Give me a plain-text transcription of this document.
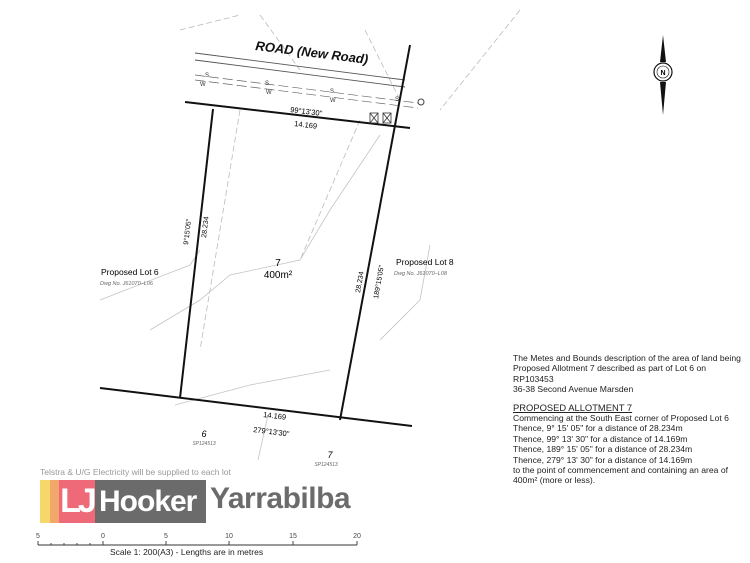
S
S
S
S
W
W
W
ROAD (New Road)
99°13'30"
14.169
9°15'05" 28.234
28.234 189°15'05"
14.169
279°13'30"
7
400m²
Proposed Lot 6
Dwg No. J61070–L06
Proposed Lot 8
Dwg No. J61070–L08
6
SP124513
7
SP124513
N
5	0	5	10	15	20
The Metes and Bounds description of the area of land being Proposed Allotment 7 described as part of Lot 6 on RP103453
36-38 Second Avenue Marsden
PROPOSED ALLOTMENT 7
Commencing at the South East corner of Proposed Lot 6
Thence, 9° 15' 05" for a distance of 28.234m
Thence, 99° 13' 30" for a distance of 14.169m
Thence, 189° 15' 05" for a distance of 28.234m
Thence, 279° 13' 30" for a distance of 14.169m
to the point of commencement and containing an area of 400m² (more or less).
Telstra & U/G Electricity will be supplied to each lot
LJ Hooker Yarrabilba
Scale 1: 200(A3) - Lengths are in metres
